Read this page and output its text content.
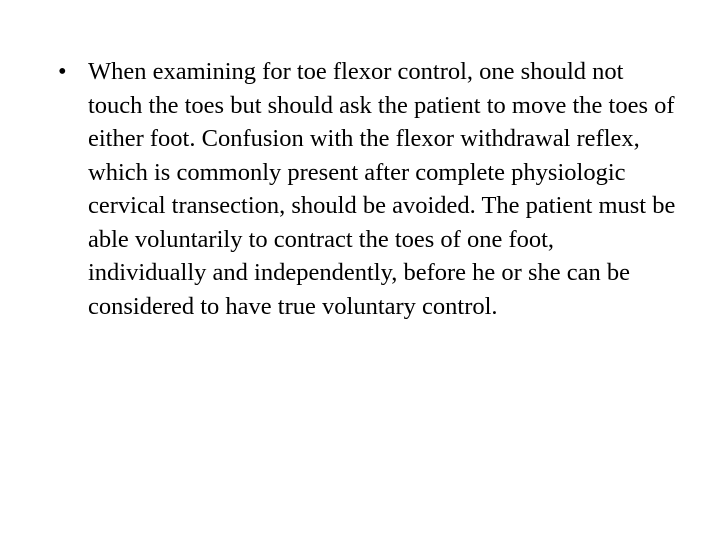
• When examining for toe flexor control, one should not touch the toes but should ask the patient to move the toes of either foot. Confusion with the flexor withdrawal reflex, which is commonly present after complete physiologic cervical transection, should be avoided. The patient must be able voluntarily to contract the toes of one foot, individually and independently, before he or she can be considered to have true voluntary control.
